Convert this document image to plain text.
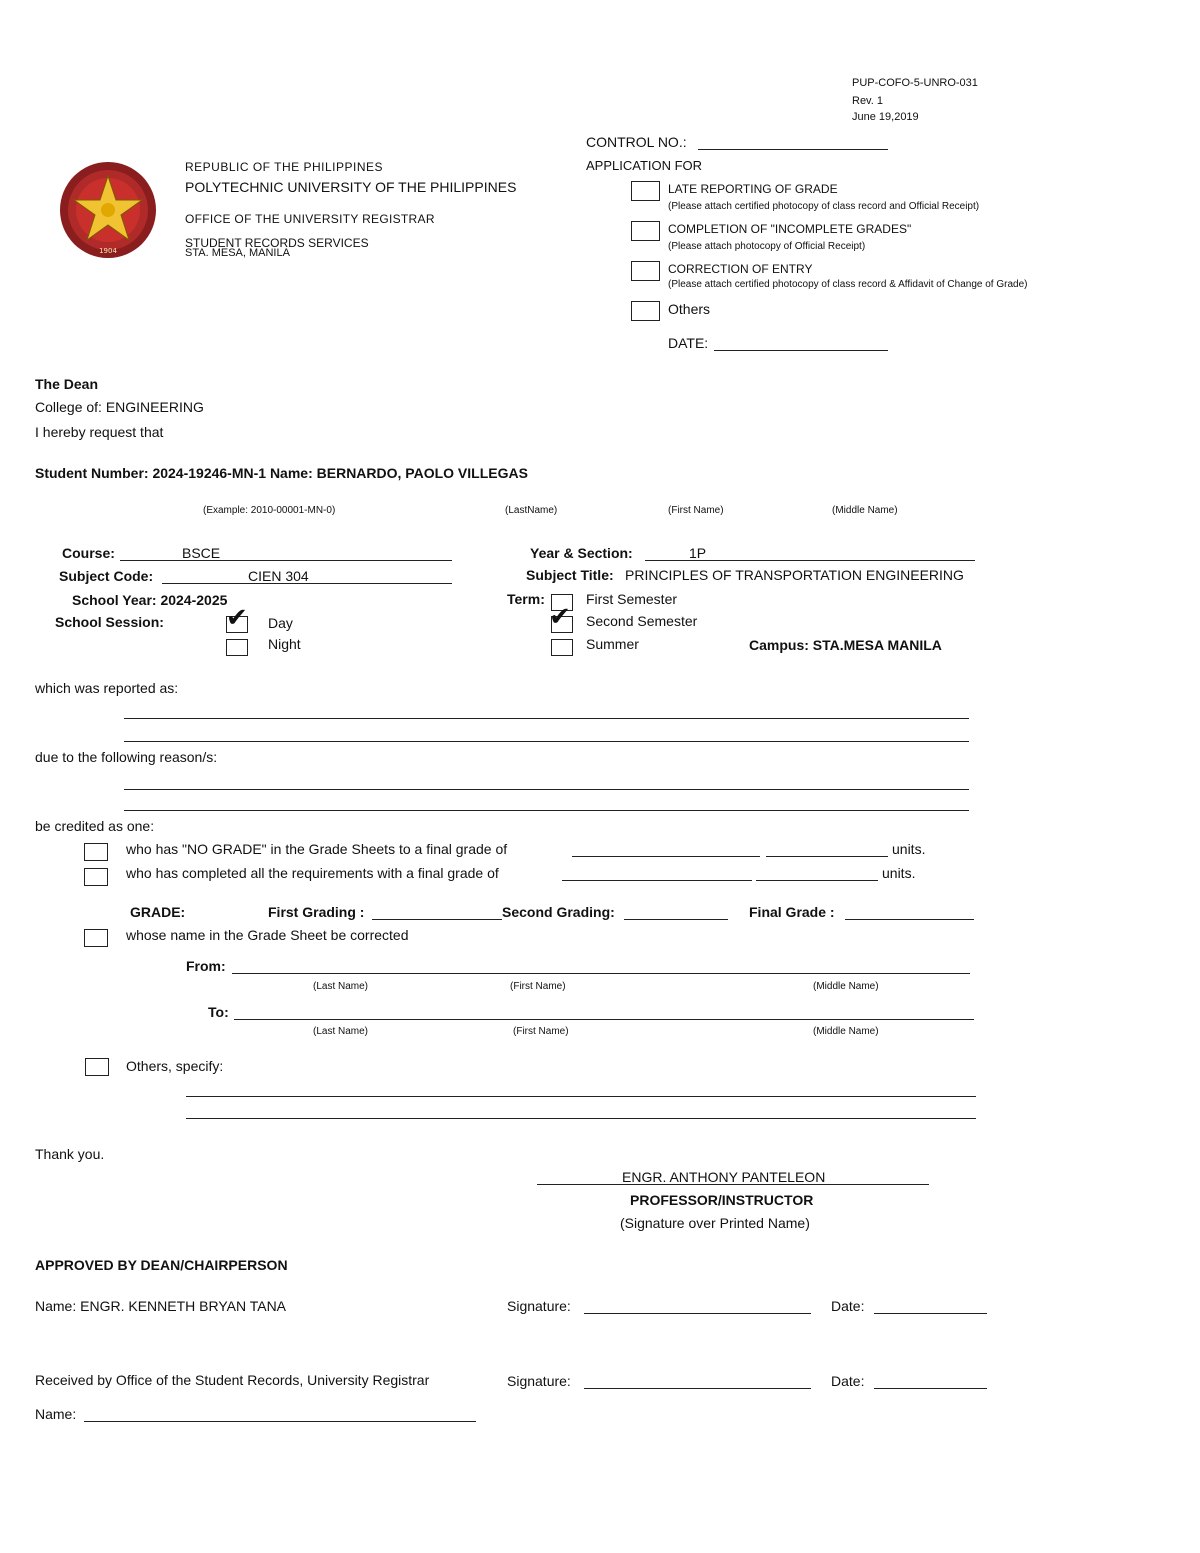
PUP-COFO-5-UNRO-031
Rev. 1
June 19,2019
1904
REPUBLIC OF THE PHILIPPINES
POLYTECHNIC UNIVERSITY OF THE PHILIPPINES
OFFICE OF THE UNIVERSITY REGISTRAR
STUDENT RECORDS SERVICES
STA. MESA, MANILA
CONTROL NO.:
APPLICATION FOR
LATE REPORTING OF GRADE
(Please attach certified photocopy of class record and Official Receipt)
COMPLETION OF "INCOMPLETE GRADES"
(Please attach photocopy of Official Receipt)
CORRECTION OF ENTRY
(Please attach certified photocopy of class record & Affidavit of Change of Grade)
Others
DATE:
The Dean
College of: ENGINEERING
I hereby request that
Student Number: 2024-19246-MN-1 Name: BERNARDO, PAOLO VILLEGAS
(Example: 2010-00001-MN-0)	(LastName)	(First Name)	(Middle Name)
Course:	BSCE	Year & Section:	1P
Subject Code:	CIEN 304	Subject Title: PRINCIPLES OF TRANSPORTATION ENGINEERING
School Year: 2024-2025	Term:
School Session: ✔ Day
Night
First Semester
✔ Second Semester
Summer	Campus: STA.MESA MANILA
which was reported as:
due to the following reason/s:
be credited as one:
who has "NO GRADE" in the Grade Sheets to a final grade of	units.
who has completed all the requirements with a final grade of	units.
GRADE:	First Grading :	Second Grading:	Final Grade :
whose name in the Grade Sheet be corrected
From:
(Last Name)	(First Name)	(Middle Name)
To:
(Last Name)	(First Name)	(Middle Name)
Others, specify:
Thank you.
ENGR. ANTHONY PANTELEON
PROFESSOR/INSTRUCTOR
(Signature over Printed Name)
APPROVED BY DEAN/CHAIRPERSON
Name: ENGR. KENNETH BRYAN TANA	Signature:	Date:
Received by Office of the Student Records, University Registrar	Signature:	Date:
Name:
